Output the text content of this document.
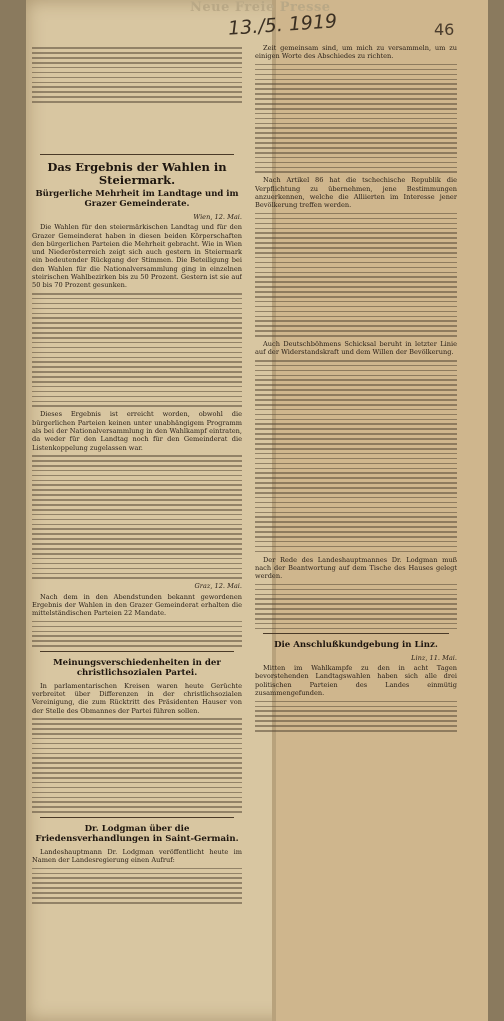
Neue Freie Presse
13./5. 1919	46
Das Ergebnis der Wahlen in Steiermark.
Bürgerliche Mehrheit im Landtage und im Grazer Gemeinderate.
Wien, 12. Mai.

Die Wahlen für den steiermärkischen Landtag und für den Grazer Gemeinderat haben in diesen beiden Körperschaften den bürgerlichen Parteien die Mehrheit gebracht. Wie in Wien und Niederösterreich zeigt sich auch gestern in Steiermark ein bedeutender Rückgang der Stimmen. Die Beteiligung bei den Wahlen für die Nationalversammlung ging in einzelnen steirischen Wahlbezirken bis zu 50 Prozent. Gestern ist sie auf 50 bis 70 Prozent gesunken.

Dieses Ergebnis ist erreicht worden, obwohl die bürgerlichen Parteien keinen unter unabhängigem Programm als bei der Nationalversammlung in den Wahlkampf eintraten, da weder für den Landtag noch für den Gemeinderat die Listenkoppelung zugelassen war.

Graz, 12. Mai.

Nach dem in den Abendstunden bekannt gewordenen Ergebnis der Wahlen in den Grazer Gemeinderat erhalten die mittelständischen Parteien 22 Mandate.

Meinungsverschiedenheiten in der christlichsozialen Partei.

In parlamentarischen Kreisen waren heute Gerüchte verbreitet über Differenzen in der christlichsozialen Vereinigung, die zum Rücktritt des Präsidenten Hauser von der Stelle des Obmannes der Partei führen sollen.

Dr. Lodgman über die Friedensverhandlungen in Saint-Germain.

Landeshauptmann Dr. Lodgman veröffentlicht heute im Namen der Landesregierung einen Aufruf:

Zeit gemeinsam sind, um mich zu versammeln, um zu einigen Worte des Abschiedes zu richten.

Nach Artikel 86 hat die tschechische Republik die Verpflichtung zu übernehmen, jene Bestimmungen anzuerkennen, welche die Alliierten im Interesse jener Bevölkerung treffen werden.

Auch Deutschböhmens Schicksal beruht in letzter Linie auf der Widerstandskraft und dem Willen der Bevölkerung.

Der Rede des Landeshauptmannes Dr. Lodgman muß nach der Beantwortung auf dem Tische des Hauses gelegt werden.

Die Anschlußkundgebung in Linz.
Linz, 11. Mai.

Mitten im Wahlkampfe zu den in acht Tagen bevorstehenden Landtagswahlen haben sich alle drei politischen Parteien des Landes einmütig zusammengefunden.
